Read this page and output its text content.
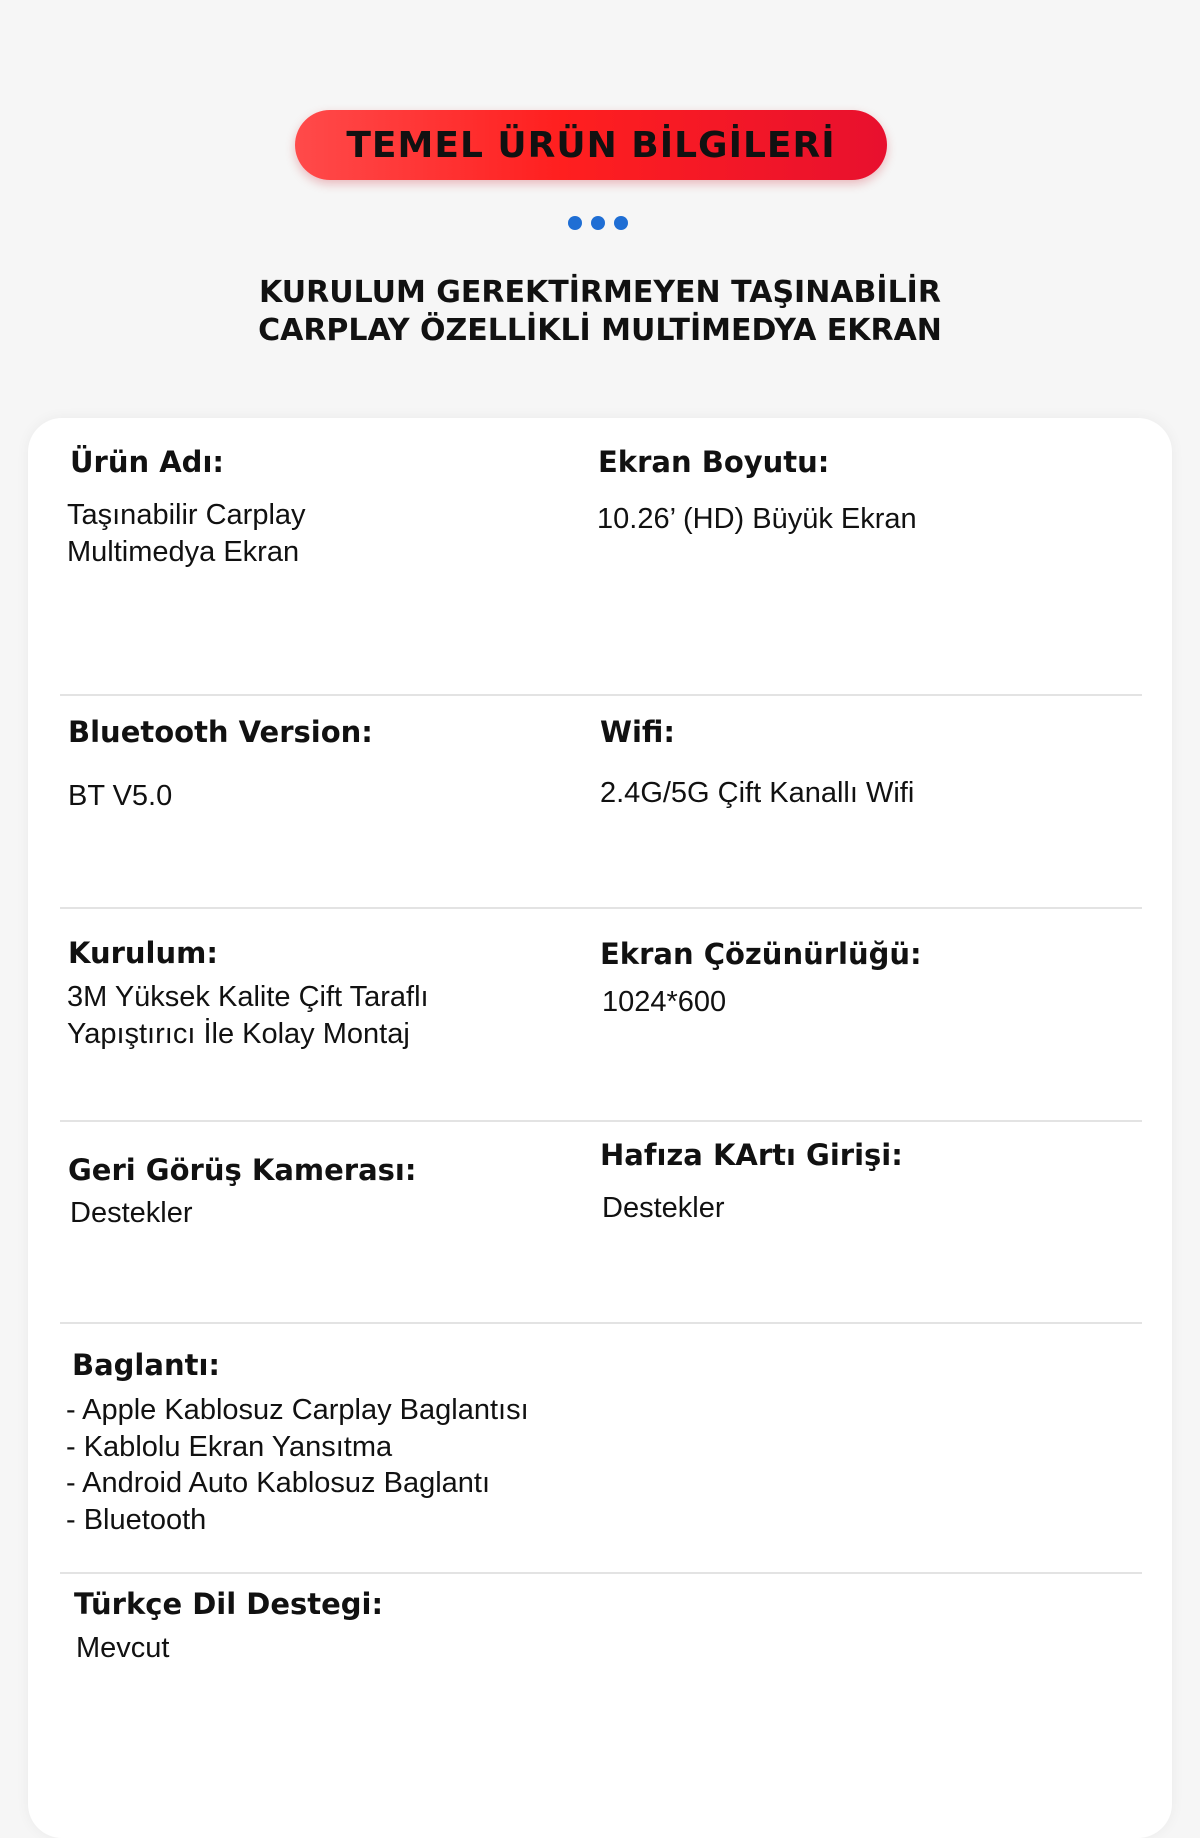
TEMEL ÜRÜN BİLGİLERİ
KURULUM GEREKTİRMEYEN TAŞINABİLİR
CARPLAY ÖZELLİKLİ MULTİMEDYA EKRAN
Ürün Adı:
Taşınabilir Carplay
Multimedya Ekran
Ekran Boyutu:
10.26’ (HD) Büyük Ekran
Bluetooth Version:
BT V5.0
Wifi:
2.4G/5G Çift Kanallı Wifi
Kurulum:
3M Yüksek Kalite Çift Taraflı
Yapıştırıcı İle Kolay Montaj
Ekran Çözünürlüğü:
1024*600
Geri Görüş Kamerası:
Destekler
Hafıza KArtı Girişi:
Destekler
Baglantı:
- Apple Kablosuz Carplay Baglantısı
- Kablolu Ekran Yansıtma
- Android Auto Kablosuz Baglantı
- Bluetooth
Türkçe Dil Destegi:
Mevcut
